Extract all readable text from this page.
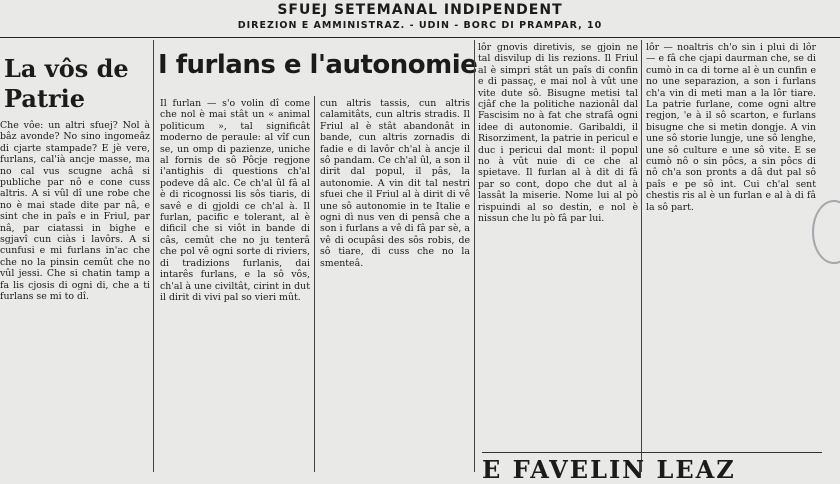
SFUEJ SETEMANAL INDIPENDENT
DIREZION E AMMINISTRAZ. - UDIN - BORC DI PRAMPAR, 10
La vôs de Patrie

Che vôe: un altri sfuej? Nol à bâz avonde? No sino ingomeâz di cjarte stampade? E jè vere, furlans, cal'ià ancje masse, ma no cal vus scugne achâ si publiche par nô e cone cuss altris. A si vûl dî une robe che no è mai stade dite par nâ, e sint che in paîs e in Friul, par nâ, par ciatassi in bighe e sgjavî cun ciàs i lavôrs. A si cunfusi e mi furlans in'ac che che no la pinsin cemût che no vûl jessi. Che si chatin tamp a fa lis cjosis di ogni di, che a ti furlans se mi to dî.

I furlans e l'autonomie

Il furlan — s'o volin dî come che nol è mai stât un « animal politicum », tal significât moderno de peraule: al vîf cun se, un omp di pazienze, uniche al fornis de sô Pôcje regjone i'antighis di questions ch'al podeve dâ alc. Ce ch'al ûl fâ al è di ricognossi lis sôs tiaris, di savê e di gjoldi ce ch'al à. Il furlan, pacific e tolerant, al è dificil che si viôt in bande di câs, cemût che no ju tenterâ che pol vê ogni sorte di riviers, di tradizions furlanis, dai intarês furlans, e la sô vôs, ch'al à une civiltât, cirint in dut il dirit di vivi pal so vieri mût.

cun altris tassis, cun altris calamitâts, cun altris stradis. Il Friul al è stât abandonât in bande, cun altris zornadis di fadie e di lavôr ch'al à ancje il sô pandam. Ce ch'al ûl, a son il dirit dal popul, il pâs, la autonomie. A vin dit tal nestri sfuei che il Friul al à dirit di vê une sô autonomie in te Italie e ogni dì nus ven di pensâ che a son i furlans a vê di fâ par sè, a vê di ocupâsi des sôs robis, de sô tiare, di cuss che no la smenteâ.

lôr gnovis diretivis, se gjoin ne tal disvilup di lis rezions. Il Friul al è simpri stât un paîs di confin e di passaç, e mai nol à vût une vite dute sô. Bisugne metisi tal cjâf che la politiche nazionâl dal Fascisim no à fat che strafâ ogni idee di autonomie. Garibaldi, il Risorziment, la patrie in pericul e duc i pericui dal mont: il popul no à vût nuie di ce che al spietave. Il furlan al à dit di fâ par so cont, dopo che dut al à lassât la miserie. Nome lui al pò rispuindi al so destin, e nol è nissun che lu pò fâ par lui.

lôr — noaltris ch'o sin i plui di lôr — e fâ che cjapi daurman che, se di cumò in ca di torne al è un cunfin e no une separazion, a son i furlans ch'a vin di meti man a la lôr tiare. La patrie furlane, come ogni altre regjon, 'e à il sô scarton, e furlans bisugne che si metin dongje. A vin une sô storie lungje, une sô lenghe, une sô culture e une sô vite. E se cumò nô o sin pôcs, a sin pôcs di nô ch'a son pronts a dâ dut pal sô paîs e pe sô int. Cui ch'al sent chestis ris al è un furlan e al à di fâ la sô part.

E FAVELIN LEAZ
